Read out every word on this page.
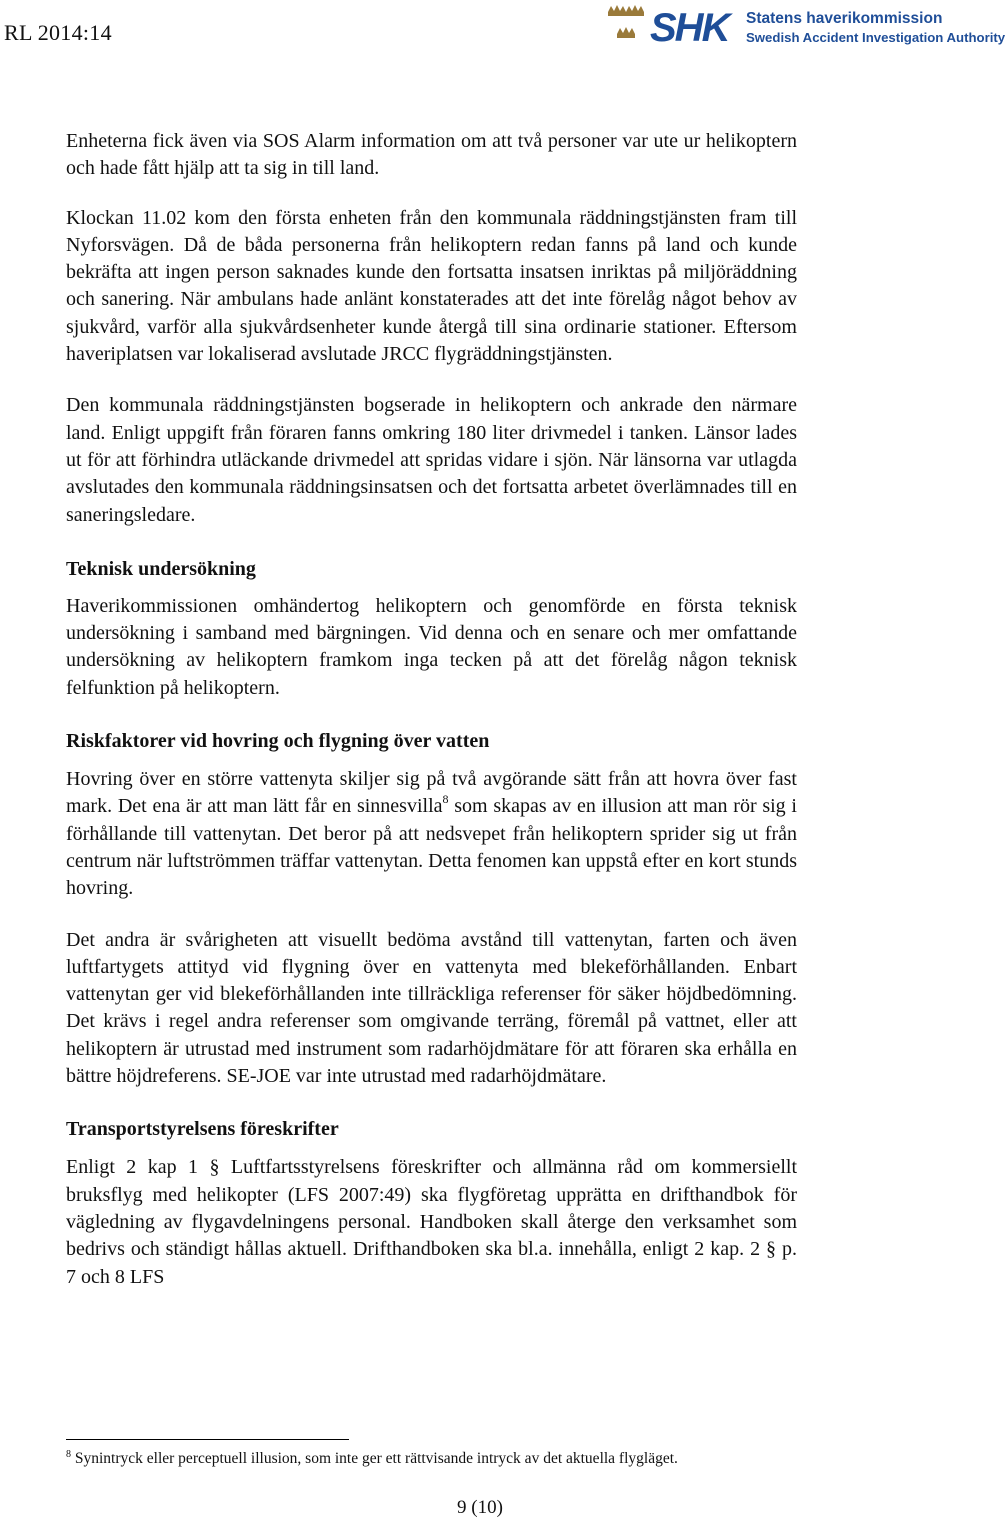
RL 2014:14	SHK Statens haverikommission
Swedish Accident Investigation Authority

Enheterna fick även via SOS Alarm information om att två personer var ute ur helikoptern och hade fått hjälp att ta sig in till land.

Klockan 11.02 kom den första enheten från den kommunala räddningstjänsten fram till Nyforsvägen. Då de båda personerna från helikoptern redan fanns på land och kunde bekräfta att ingen person saknades kunde den fortsatta insatsen inriktas på miljöräddning och sanering. När ambulans hade anlänt konstaterades att det inte förelåg något behov av sjukvård, varför alla sjukvårdsenheter kunde återgå till sina ordinarie stationer. Eftersom haveriplatsen var lokaliserad avslutade JRCC flygräddningstjänsten.

Den kommunala räddningstjänsten bogserade in helikoptern och ankrade den närmare land. Enligt uppgift från föraren fanns omkring 180 liter drivmedel i tanken. Länsor lades ut för att förhindra utläckande drivmedel att spridas vidare i sjön. När länsorna var utlagda avslutades den kommunala räddningsinsatsen och det fortsatta arbetet överlämnades till en saneringsledare.

Teknisk undersökning

Haverikommissionen omhändertog helikoptern och genomförde en första teknisk undersökning i samband med bärgningen. Vid denna och en senare och mer omfattande undersökning av helikoptern framkom inga tecken på att det förelåg någon teknisk felfunktion på helikoptern.

Riskfaktorer vid hovring och flygning över vatten

Hovring över en större vattenyta skiljer sig på två avgörande sätt från att hovra över fast mark. Det ena är att man lätt får en sinnesvilla$^8$ som skapas av en illusion att man rör sig i förhållande till vattenytan. Det beror på att nedsvepet från helikoptern sprider sig ut från centrum när luftströmmen träffar vattenytan. Detta fenomen kan uppstå efter en kort stunds hovring.

Det andra är svårigheten att visuellt bedöma avstånd till vattenytan, farten och även luftfartygets attityd vid flygning över en vattenyta med blekeförhållanden. Enbart vattenytan ger vid blekeförhållanden inte tillräckliga referenser för säker höjdbedömning. Det krävs i regel andra referenser som omgivande terräng, föremål på vattnet, eller att helikoptern är utrustad med instrument som radarhöjdmätare för att föraren ska erhålla en bättre höjdreferens. SE-JOE var inte utrustad med radarhöjdmätare.

Transportstyrelsens föreskrifter

Enligt 2 kap 1 § Luftfartsstyrelsens föreskrifter och allmänna råd om kommersiellt bruksflyg med helikopter (LFS 2007:49) ska flygföretag upprätta en drifthandbok för vägledning av flygavdelningens personal. Handboken skall återge den verksamhet som bedrivs och ständigt hållas aktuell. Drifthandboken ska bl.a. innehålla, enligt 2 kap. 2 § p. 7 och 8 LFS

$^8$ Synintryck eller perceptuell illusion, som inte ger ett rättvisande intryck av det aktuella flygläget.
9 (10)
